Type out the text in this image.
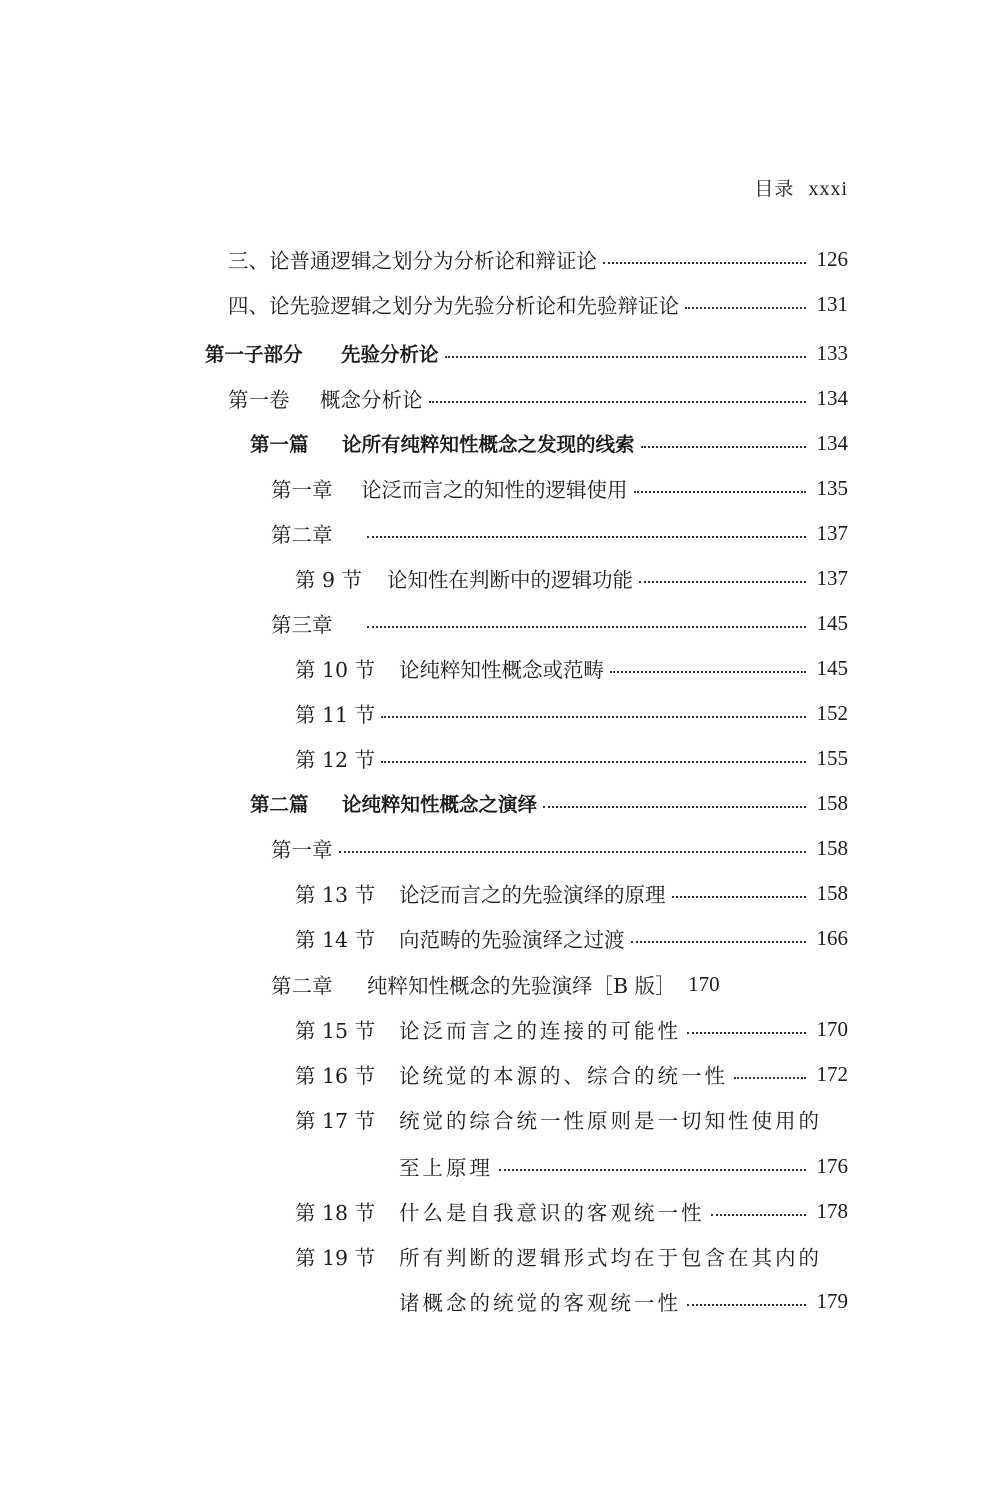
目录 xxxi
三、论普通逻辑之划分为分析论和辩证论	126
四、论先验逻辑之划分为先验分析论和先验辩证论	131
第一子部分	先验分析论	133
第一卷	概念分析论	134
第一篇	论所有纯粹知性概念之发现的线索	134
第一章	论泛而言之的知性的逻辑使用	135
第二章	137
第 9 节	论知性在判断中的逻辑功能	137
第三章	145
第 10 节	论纯粹知性概念或范畴	145
第 11 节	152
第 12 节	155
第二篇	论纯粹知性概念之演绎	158
第一章	158
第 13 节	论泛而言之的先验演绎的原理	158
第 14 节	向范畴的先验演绎之过渡	166
第二章	纯粹知性概念的先验演绎［B 版］ 170
第 15 节	论泛而言之的连接的可能性	170
第 16 节	论统觉的本源的、综合的统一性	172
第 17 节	统觉的综合统一性原则是一切知性使用的
至上原理	176
第 18 节	什么是自我意识的客观统一性	178
第 19 节	所有判断的逻辑形式均在于包含在其内的
诸概念的统觉的客观统一性	179
